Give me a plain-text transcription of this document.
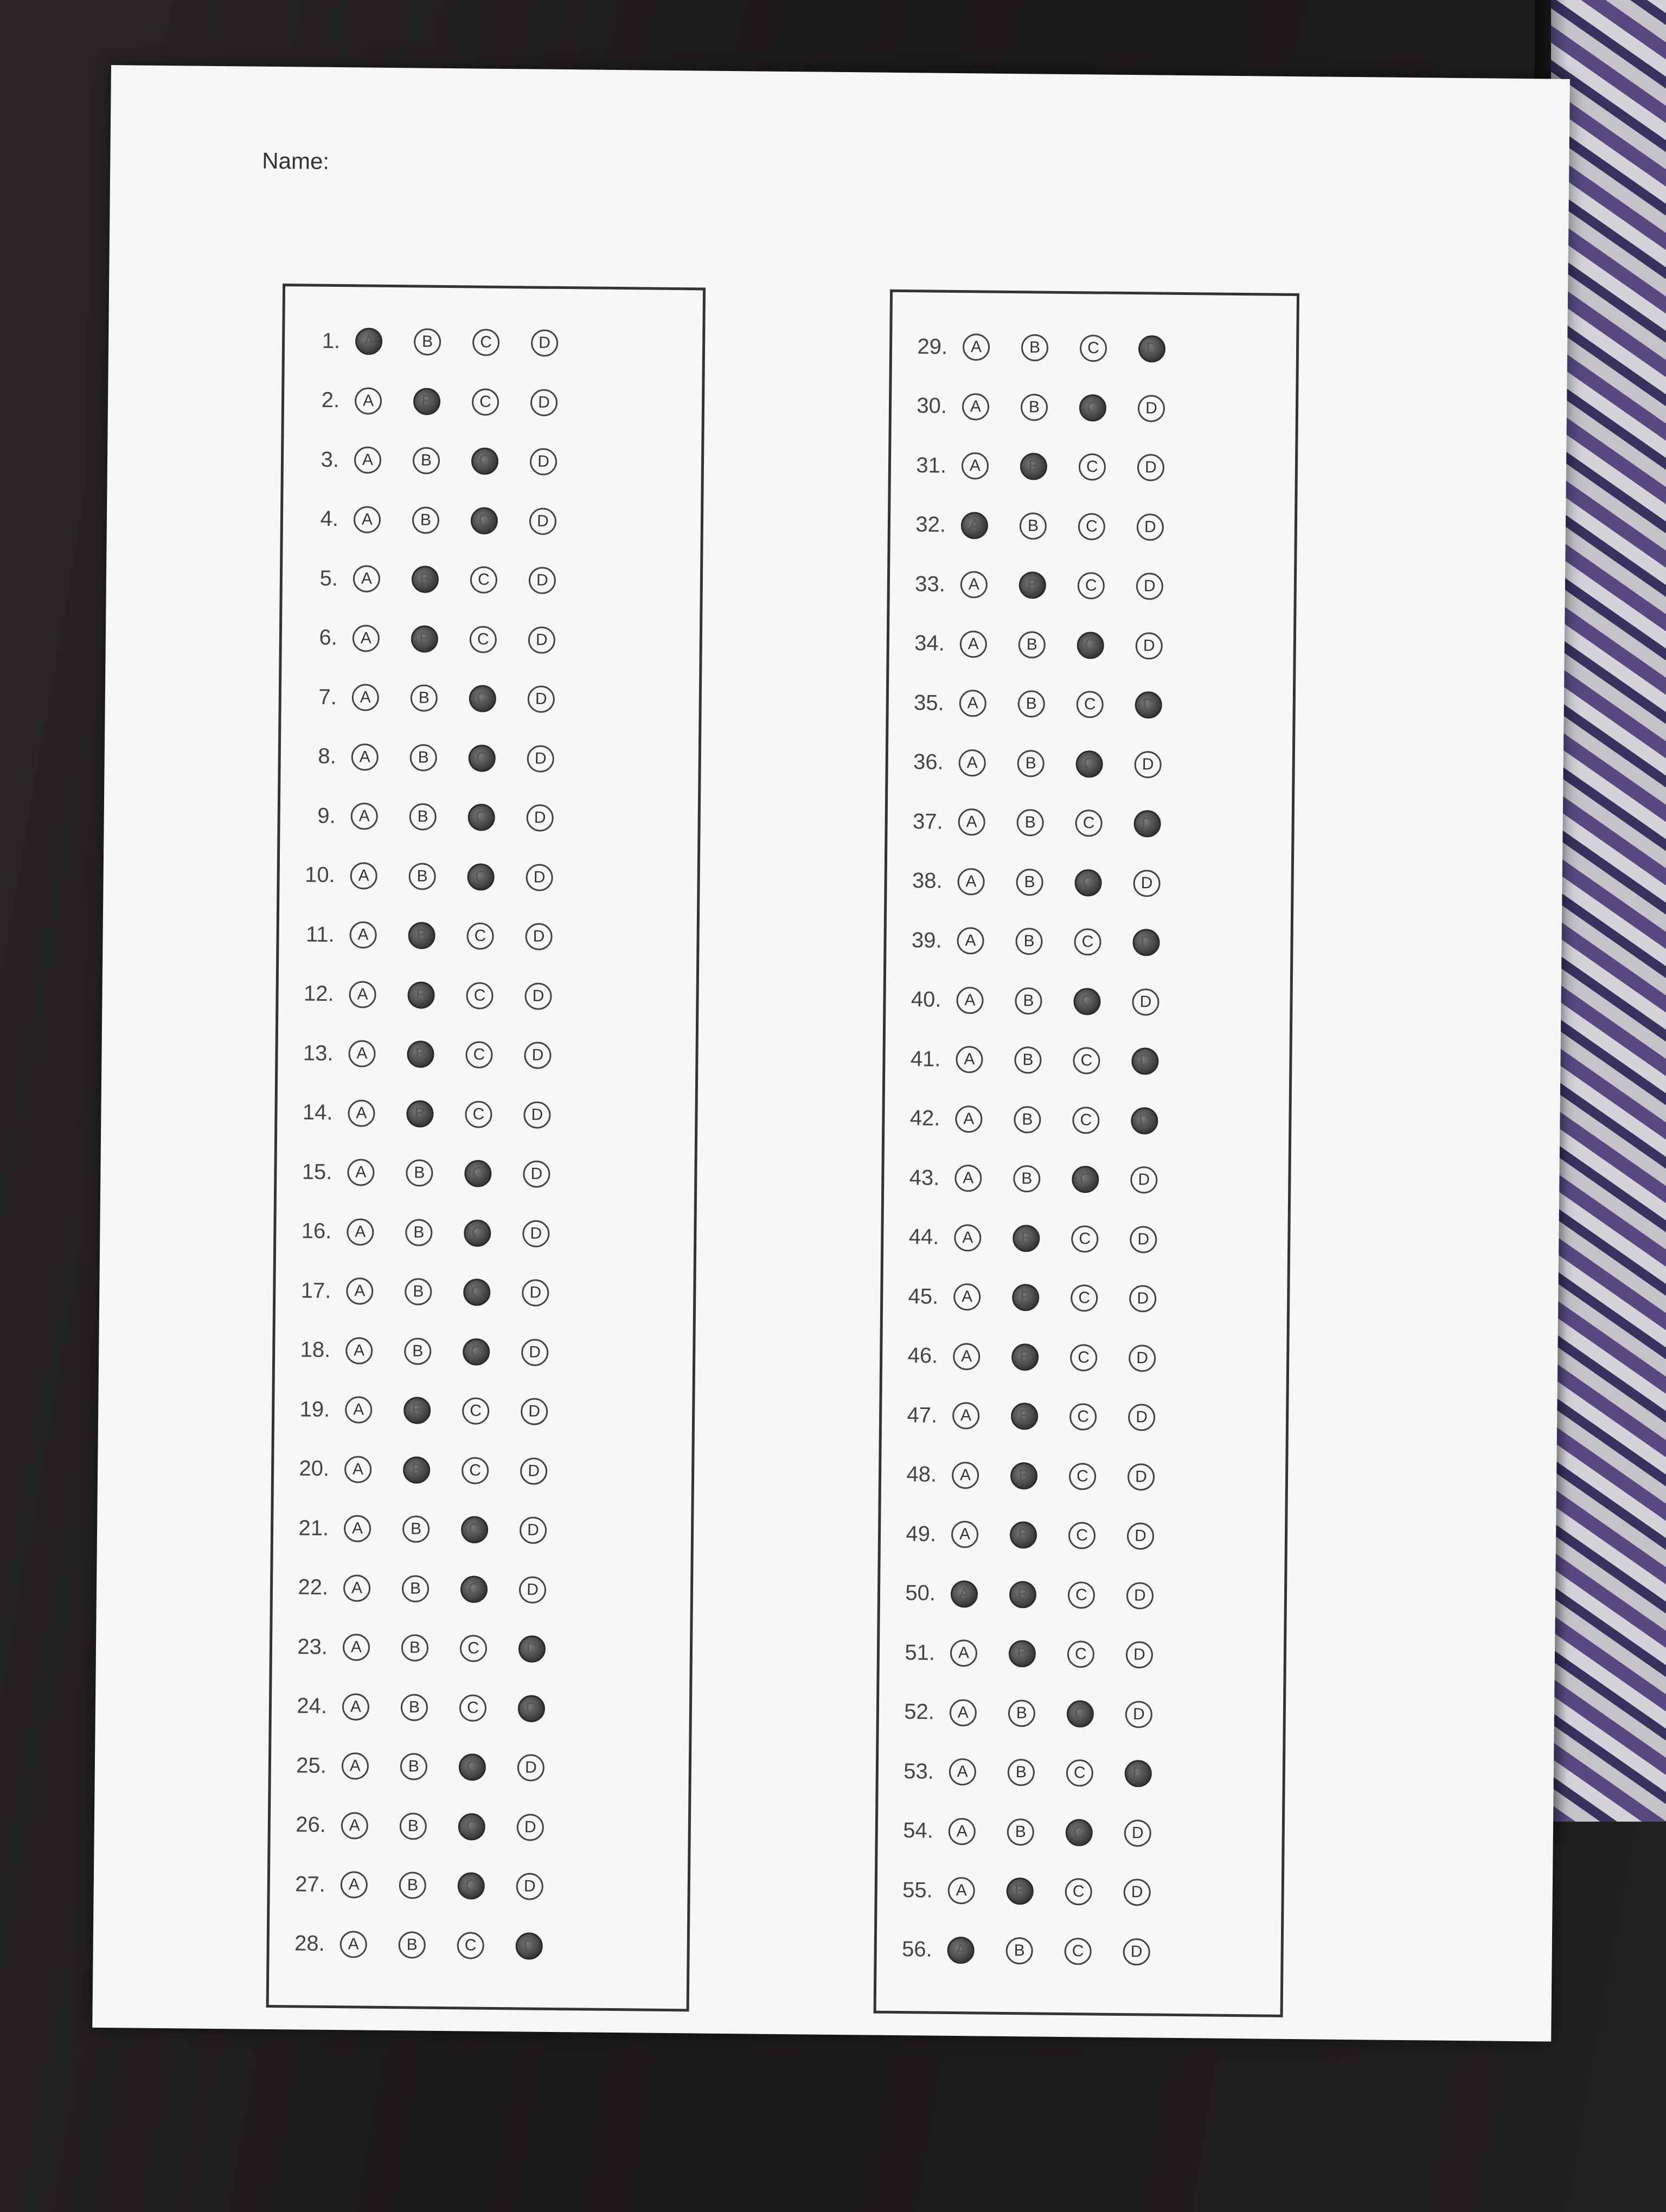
Name:
1.	A	B	C	D
2.	A	B	C	D
3.	A	B	C	D
4.	A	B	C	D
5.	A	B	C	D
6.	A	B	C	D
7.	A	B	C	D
8.	A	B	C	D
9.	A	B	C	D
10.	A	B	C	D
11.	A	B	C	D
12.	A	B	C	D
13.	A	B	C	D
14.	A	B	C	D
15.	A	B	C	D
16.	A	B	C	D
17.	A	B	C	D
18.	A	B	C	D
19.	A	B	C	D
20.	A	B	C	D
21.	A	B	C	D
22.	A	B	C	D
23.	A	B	C	D
24.	A	B	C	D
25.	A	B	C	D
26.	A	B	C	D
27.	A	B	C	D
28.	A	B	C	D
29.	A	B	C	D
30.	A	B	C	D
31.	A	B	C	D
32.	A	B	C	D
33.	A	B	C	D
34.	A	B	C	D
35.	A	B	C	D
36.	A	B	C	D
37.	A	B	C	D
38.	A	B	C	D
39.	A	B	C	D
40.	A	B	C	D
41.	A	B	C	D
42.	A	B	C	D
43.	A	B	C	D
44.	A	B	C	D
45.	A	B	C	D
46.	A	B	C	D
47.	A	B	C	D
48.	A	B	C	D
49.	A	B	C	D
50.	A	B	C	D
51.	A	B	C	D
52.	A	B	C	D
53.	A	B	C	D
54.	A	B	C	D
55.	A	B	C	D
56.	A	B	C	D
